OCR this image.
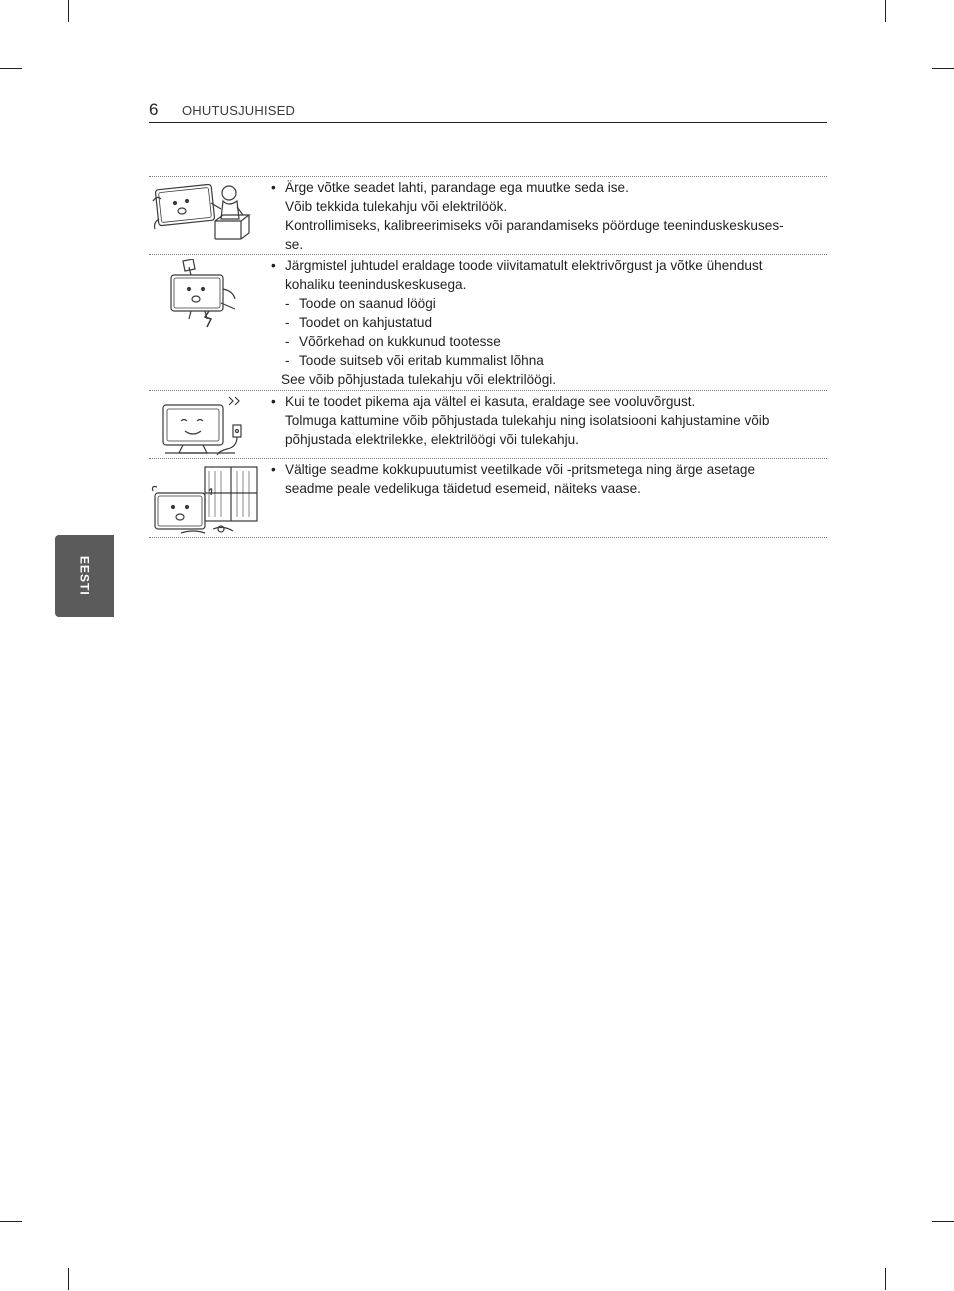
6 OHUTUSJUHISED
• Ärge võtke seadet lahti, parandage ega muutke seda ise.
Võib tekkida tulekahju või elektrilöök.
Kontrollimiseks, kalibreerimiseks või parandamiseks pöörduge teeninduskeskuses-
se.
• Järgmistel juhtudel eraldage toode viivitamatult elektrivõrgust ja võtke ühendust
kohaliku teeninduskeskusega.
- Toode on saanud löögi
- Toodet on kahjustatud
- Võõrkehad on kukkunud tootesse
- Toode suitseb või eritab kummalist lõhna
See võib põhjustada tulekahju või elektrilöögi.
• Kui te toodet pikema aja vältel ei kasuta, eraldage see vooluvõrgust.
Tolmuga kattumine võib põhjustada tulekahju ning isolatsiooni kahjustamine võib
põhjustada elektrilekke, elektrilöögi või tulekahju.
• Vältige seadme kokkupuutumist veetilkade või -pritsmetega ning ärge asetage
seadme peale vedelikuga täidetud esemeid, näiteks vaase.
EESTI
